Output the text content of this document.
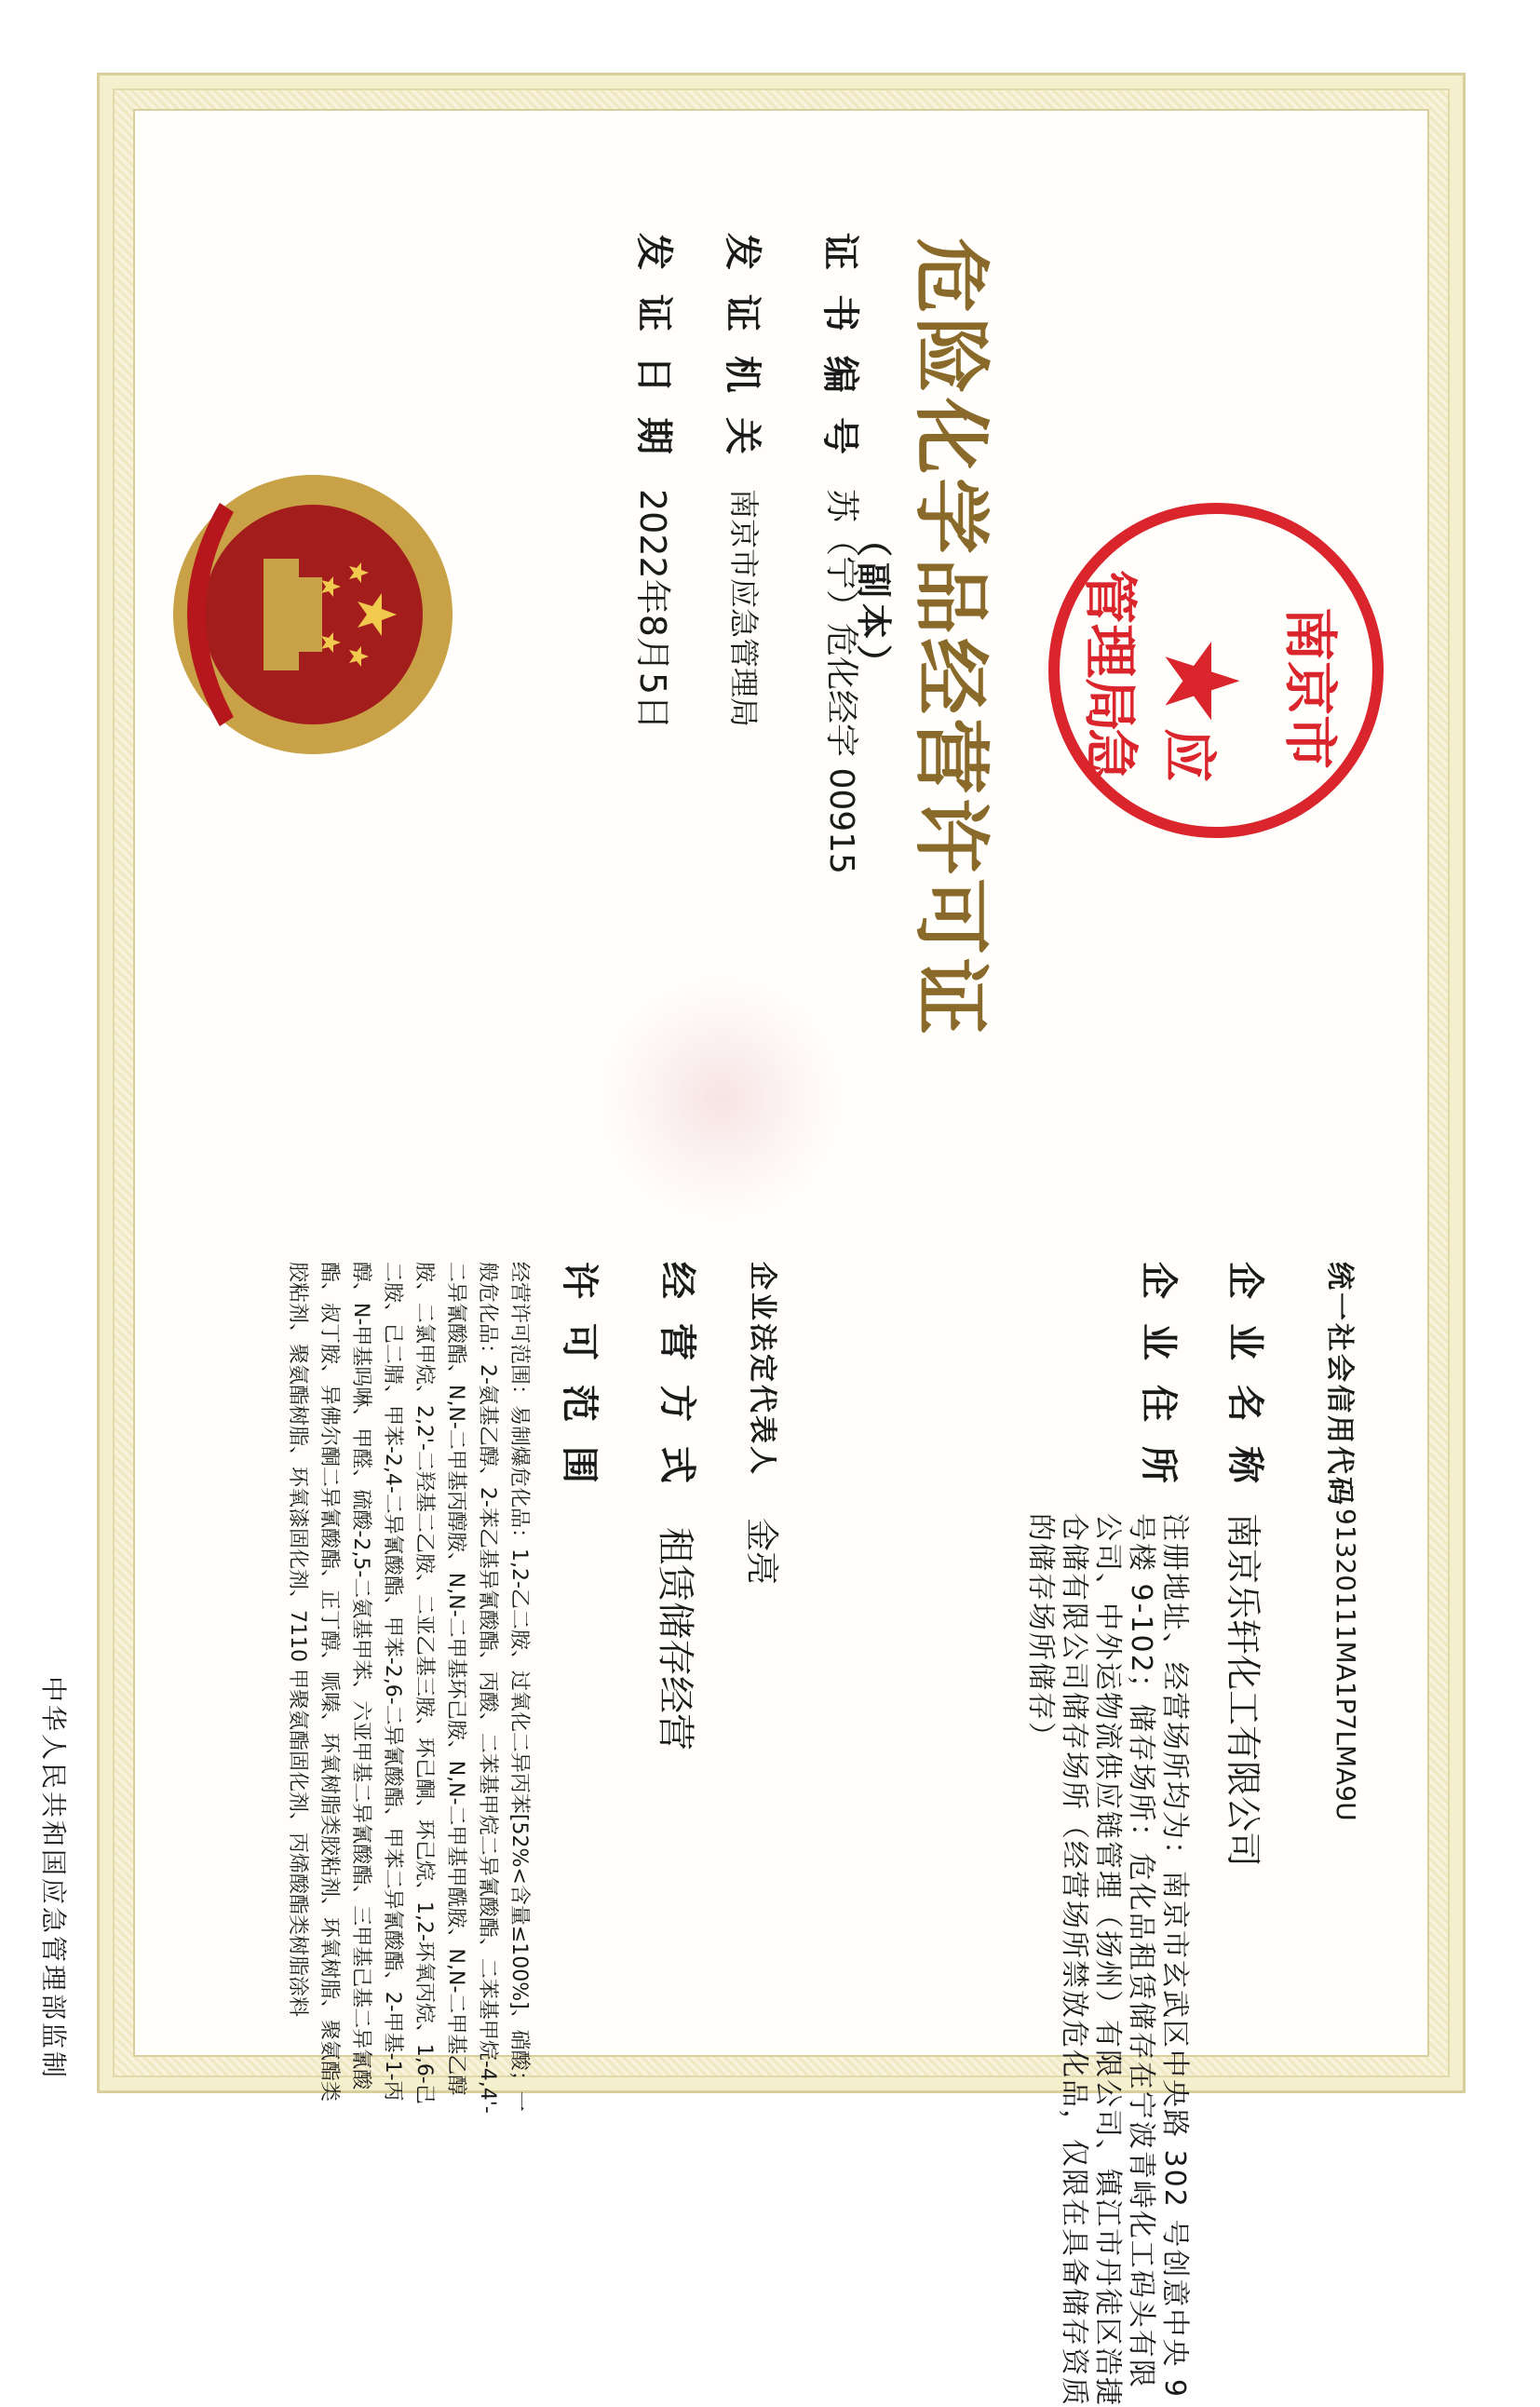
危险化学品经营许可证
（副本）
证书编号
苏（宁）危化经字 00915
发证机关
南京市应急管理局
发证日期
2022年8月5日	南京市
★
应急
管理局
统一社会信用代码
91320111MA1P7LMA9U
企业名称
南京乐轩化工有限公司
企业住所
注册地址、经营场所均为：南京市玄武区中央路 302 号创意中央 9 号楼 9-102；储存场所：危化品租赁储存在宁波青峙化工码头有限公司、中外运物流供应链管理（扬州）有限公司、镇江市丹徒区浩捷仓储有限公司储存场所（经营场所禁放危化品，仅限在具备储存资质的储存场所储存）
企业法定代表人
金亮
经营方式
租赁储存经营
许可范围
经营许可范围：易制爆危化品：1,2-乙二胺、过氧化二异丙苯[52%<含量≤100%]、硝酸；一般危化品：2-氨基乙醇、2-苯乙基异氰酸酯、丙酸、二苯基甲烷二异氰酸酯、二苯基甲烷-4,4'-二异氰酸酯、N,N-二甲基丙醇胺、N,N-二甲基环己胺、N,N-二甲基甲酰胺、N,N-二甲基乙醇胺、二氯甲烷、2,2'-二羟基二乙胺、二亚乙基三胺、环己酮、环己烷、1,2-环氧丙烷、1,6-己二胺、己二腈、甲苯-2,4-二异氰酸酯、甲苯-2,6-二异氰酸酯、甲苯二异氰酸酯、2-甲基-1-丙醇、N-甲基吗啉、甲醛、硫酸-2,5-二氨基甲苯、六亚甲基二异氰酸酯、三甲基己基二异氰酸酯、叔丁胺、异佛尔酮二异氰酸酯、正丁醇、哌嗪、环氧树脂类胶粘剂、环氧树脂、聚氨酯类胶粘剂、聚氨酯树脂、环氧漆固化剂、7110 甲聚氨酯固化剂、丙烯酸酯类树脂涂料
中华人民共和国应急管理部监制
